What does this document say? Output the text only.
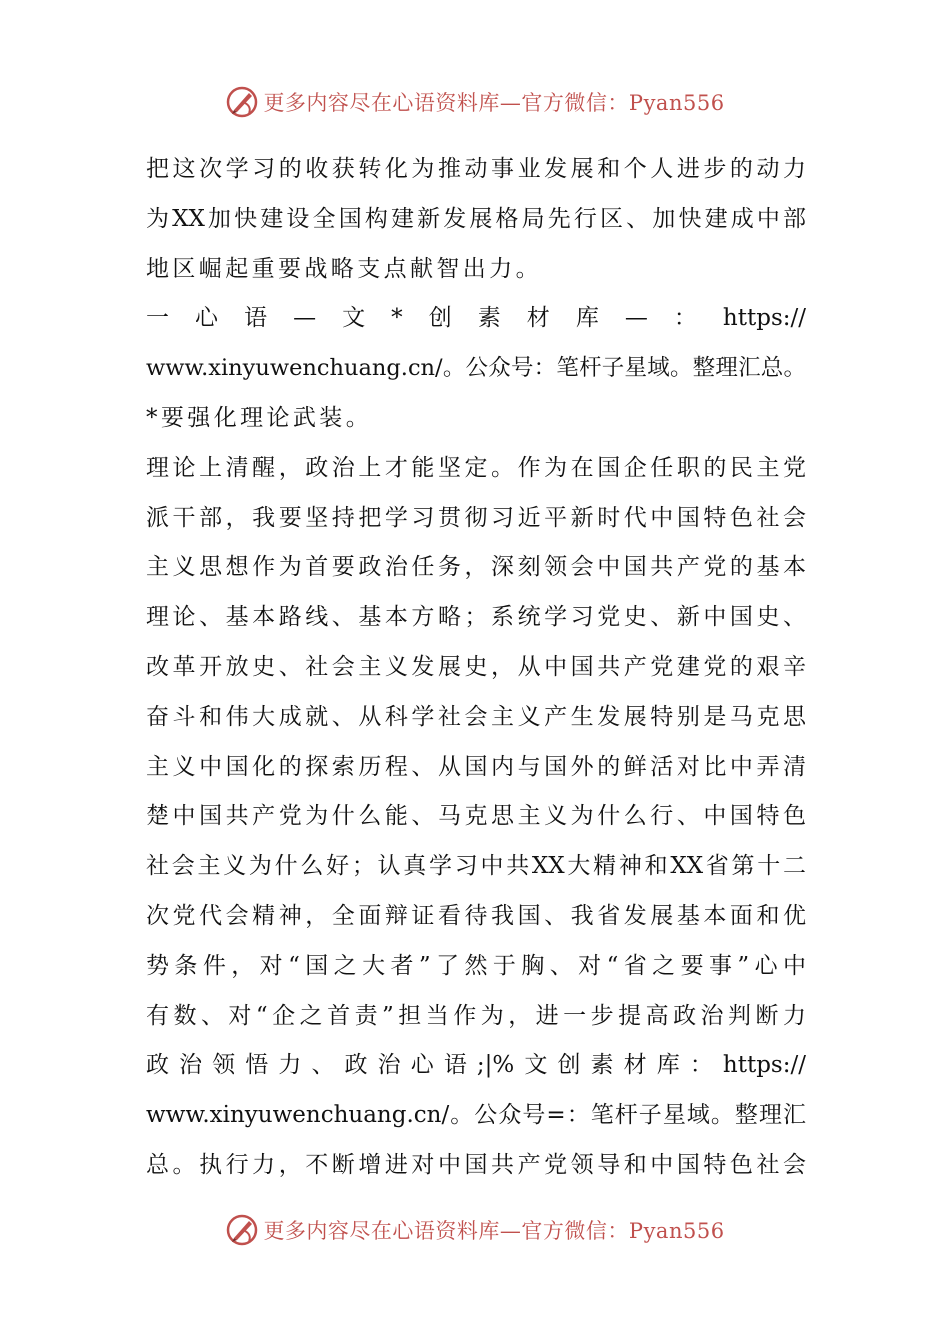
更多内容尽在心语资料库—官方微信：Pyan556
把这次学习的收获转化为推动事业发展和个人进步的动力
为XX加快建设全国构建新发展格局先行区、加快建成中部
地区崛起重要战略支点献智出力。
一心语—文*创素材库—：https://
www.xinyuwenchuang.cn/。公众号：笔杆子星域。整理汇总。
*要强化理论武装。
理论上清醒，政治上才能坚定。作为在国企任职的民主党
派干部，我要坚持把学习贯彻习近平新时代中国特色社会
主义思想作为首要政治任务，深刻领会中国共产党的基本
理论、基本路线、基本方略；系统学习党史、新中国史、
改革开放史、社会主义发展史，从中国共产党建党的艰辛
奋斗和伟大成就、从科学社会主义产生发展特别是马克思
主义中国化的探索历程、从国内与国外的鲜活对比中弄清
楚中国共产党为什么能、马克思主义为什么行、中国特色
社会主义为什么好；认真学习中共XX大精神和XX省第十二
次党代会精神，全面辩证看待我国、我省发展基本面和优
势条件，对“国之大者”了然于胸、对“省之要事”心中
有数、对“企之首责”担当作为，进一步提高政治判断力
政治领悟力、政治心语;|%文创素材库：https://
www.xinyuwenchuang.cn/。公众号=：笔杆子星域。整理汇
总。执行力，不断增进对中国共产党领导和中国特色社会
更多内容尽在心语资料库—官方微信：Pyan556
